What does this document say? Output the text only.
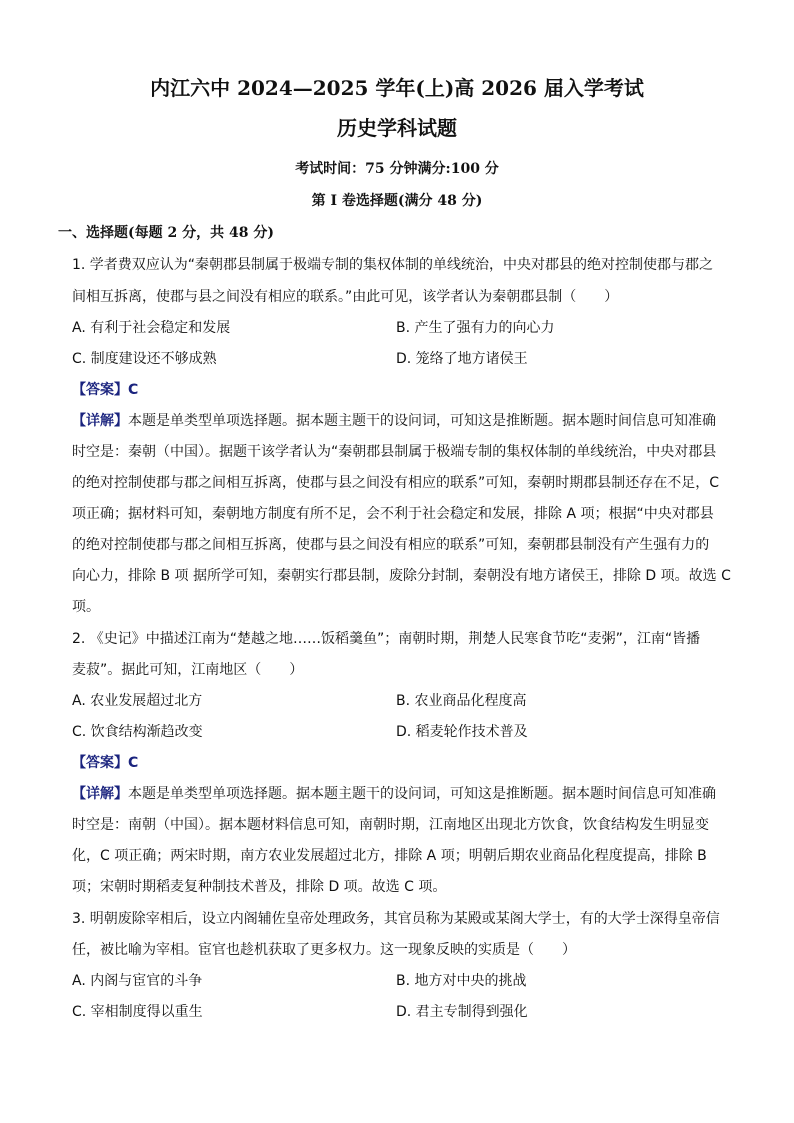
内江六中 2024—2025 学年(上)高 2026 届入学考试
历史学科试题
考试时间：75 分钟满分:100 分
第 I 卷选择题(满分 48 分)
一、选择题(每题 2 分，共 48 分)
1. 学者费双应认为“秦朝郡县制属于极端专制的集权体制的单线统治，中央对郡县的绝对控制使郡与郡之
间相互拆离，使郡与县之间没有相应的联系。”由此可见，该学者认为秦朝郡县制（　　）
A. 有利于社会稳定和发展	B. 产生了强有力的向心力
C. 制度建设还不够成熟	D. 笼络了地方诸侯王
【答案】C
【详解】本题是单类型单项选择题。据本题主题干的设问词，可知这是推断题。据本题时间信息可知准确
时空是：秦朝（中国）。据题干该学者认为“秦朝郡县制属于极端专制的集权体制的单线统治，中央对郡县
的绝对控制使郡与郡之间相互拆离，使郡与县之间没有相应的联系”可知，秦朝时期郡县制还存在不足，C
项正确；据材料可知，秦朝地方制度有所不足，会不利于社会稳定和发展，排除 A 项；根据“中央对郡县
的绝对控制使郡与郡之间相互拆离，使郡与县之间没有相应的联系”可知，秦朝郡县制没有产生强有力的
向心力，排除 B 项 据所学可知，秦朝实行郡县制，废除分封制，秦朝没有地方诸侯王，排除 D 项。故选 C
项。
2. 《史记》中描述江南为“楚越之地……饭稻羹鱼”；南朝时期，荆楚人民寒食节吃“麦粥”，江南“皆播
麦菽”。据此可知，江南地区（　　）
A. 农业发展超过北方	B. 农业商品化程度高
C. 饮食结构渐趋改变	D. 稻麦轮作技术普及
【答案】C
【详解】本题是单类型单项选择题。据本题主题干的设问词，可知这是推断题。据本题时间信息可知准确
时空是：南朝（中国）。据本题材料信息可知，南朝时期，江南地区出现北方饮食，饮食结构发生明显变
化，C 项正确；两宋时期，南方农业发展超过北方，排除 A 项；明朝后期农业商品化程度提高，排除 B
项；宋朝时期稻麦复种制技术普及，排除 D 项。故选 C 项。
3. 明朝废除宰相后，设立内阁辅佐皇帝处理政务，其官员称为某殿或某阁大学士，有的大学士深得皇帝信
任，被比喻为宰相。宦官也趁机获取了更多权力。这一现象反映的实质是（　　）
A. 内阁与宦官的斗争	B. 地方对中央的挑战
C. 宰相制度得以重生	D. 君主专制得到强化
